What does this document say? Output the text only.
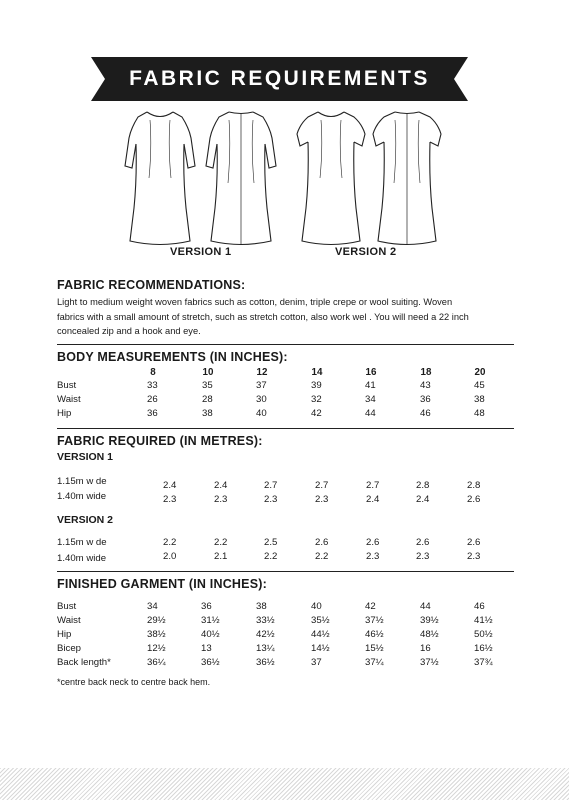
FABRIC REQUIREMENTS
VERSION 1	VERSION 2
FABRIC RECOMMENDATIONS:
Light to medium weight woven fabrics such as cotton, denim, triple crepe or wool suiting. Woven
fabrics with a small amount of stretch, such as stretch cotton, also work wel . You will need a 22 inch
concealed zip and a hook and eye.
BODY MEASUREMENTS (IN INCHES):
8	10	12	14	16	18	20
Bust	33	35	37	39	41	43	45
Waist	26	28	30	32	34	36	38
Hip	36	38	40	42	44	46	48
FABRIC REQUIRED (IN METRES):
VERSION 1
1.15m w de	2.4	2.4	2.7	2.7	2.7	2.8	2.8
1.40m wide	2.3	2.3	2.3	2.3	2.4	2.4	2.6
VERSION 2
1.15m w de	2.2	2.2	2.5	2.6	2.6	2.6	2.6
1.40m wide	2.0	2.1	2.2	2.2	2.3	2.3	2.3
FINISHED GARMENT (IN INCHES):
Bust	34	36	38	40	42	44	46
Waist	29½	31½	33½	35½	37½	39½	41½
Hip	38½	40½	42½	44½	46½	48½	50½
Bicep	12½	13	13¼	14½	15½	16	16½
Back length*	36¼	36½	36½	37	37¼	37½	37¾
*centre back neck to centre back hem.
